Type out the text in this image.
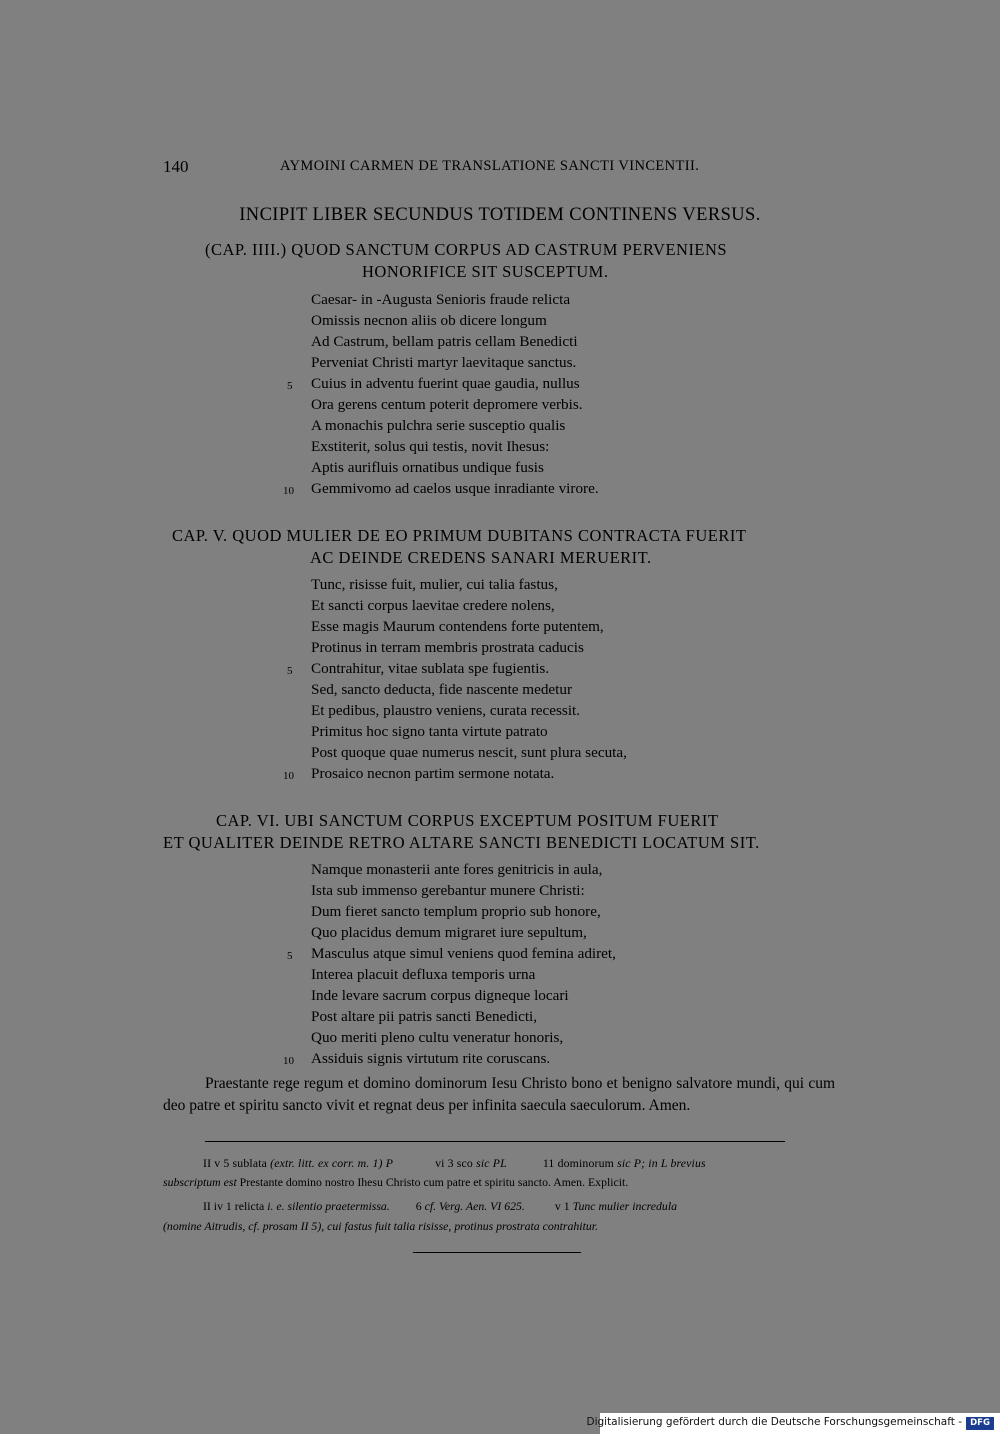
140	AYMOINI CARMEN DE TRANSLATIONE SANCTI VINCENTII.
INCIPIT LIBER SECUNDUS TOTIDEM CONTINENS VERSUS.
(CAP. IIII.) QUOD SANCTUM CORPUS AD CASTRUM PERVENIENS
HONORIFICE SIT SUSCEPTUM.
Caesar- in -Augusta Senioris fraude relicta
Omissis necnon aliis ob dicere longum
Ad Castrum, bellam patris cellam Benedicti
Perveniat Christi martyr laevitaque sanctus.
Cuius in adventu fuerint quae gaudia, nullus
Ora gerens centum poterit depromere verbis.
A monachis pulchra serie susceptio qualis
Exstiterit, solus qui testis, novit Ihesus:
Aptis aurifluis ornatibus undique fusis
Gemmivomo ad caelos usque inradiante virore.
5
10
CAP. V. QUOD MULIER DE EO PRIMUM DUBITANS CONTRACTA FUERIT
AC DEINDE CREDENS SANARI MERUERIT.
Tunc, risisse fuit, mulier, cui talia fastus,
Et sancti corpus laevitae credere nolens,
Esse magis Maurum contendens forte putentem,
Protinus in terram membris prostrata caducis
Contrahitur, vitae sublata spe fugientis.
Sed, sancto deducta, fide nascente medetur
Et pedibus, plaustro veniens, curata recessit.
Primitus hoc signo tanta virtute patrato
Post quoque quae numerus nescit, sunt plura secuta,
Prosaico necnon partim sermone notata.
5
10
CAP. VI. UBI SANCTUM CORPUS EXCEPTUM POSITUM FUERIT
ET QUALITER DEINDE RETRO ALTARE SANCTI BENEDICTI LOCATUM SIT.
Namque monasterii ante fores genitricis in aula,
Ista sub immenso gerebantur munere Christi:
Dum fieret sancto templum proprio sub honore,
Quo placidus demum migraret iure sepultum,
Masculus atque simul veniens quod femina adiret,
Interea placuit defluxa temporis urna
Inde levare sacrum corpus digneque locari
Post altare pii patris sancti Benedicti,
Quo meriti pleno cultu veneratur honoris,
Assiduis signis virtutum rite coruscans.
5
10
Praestante rege regum et domino dominorum Iesu Christo bono et benigno salvatore mundi, qui cum deo patre et spiritu sancto vivit et regnat deus per infinita saecula saeculorum. Amen.
II v 5 sublata (extr. litt. ex corr. m. 1) P	vi 3 sco sic PL	11 dominorum sic P; in L brevius
subscriptum est Prestante domino nostro Ihesu Christo cum patre et spiritu sancto. Amen. Explicit.
II iv 1 relicta i. e. silentio praetermissa. 6 cf. Verg. Aen. VI 625.	v 1 Tunc mulier incredula
(nomine Aitrudis, cf. prosam II 5), cui fastus fuit talia risisse, protinus prostrata contrahitur.
Digitalisierung gefördert durch die Deutsche Forschungsgemeinschaft - DFG
